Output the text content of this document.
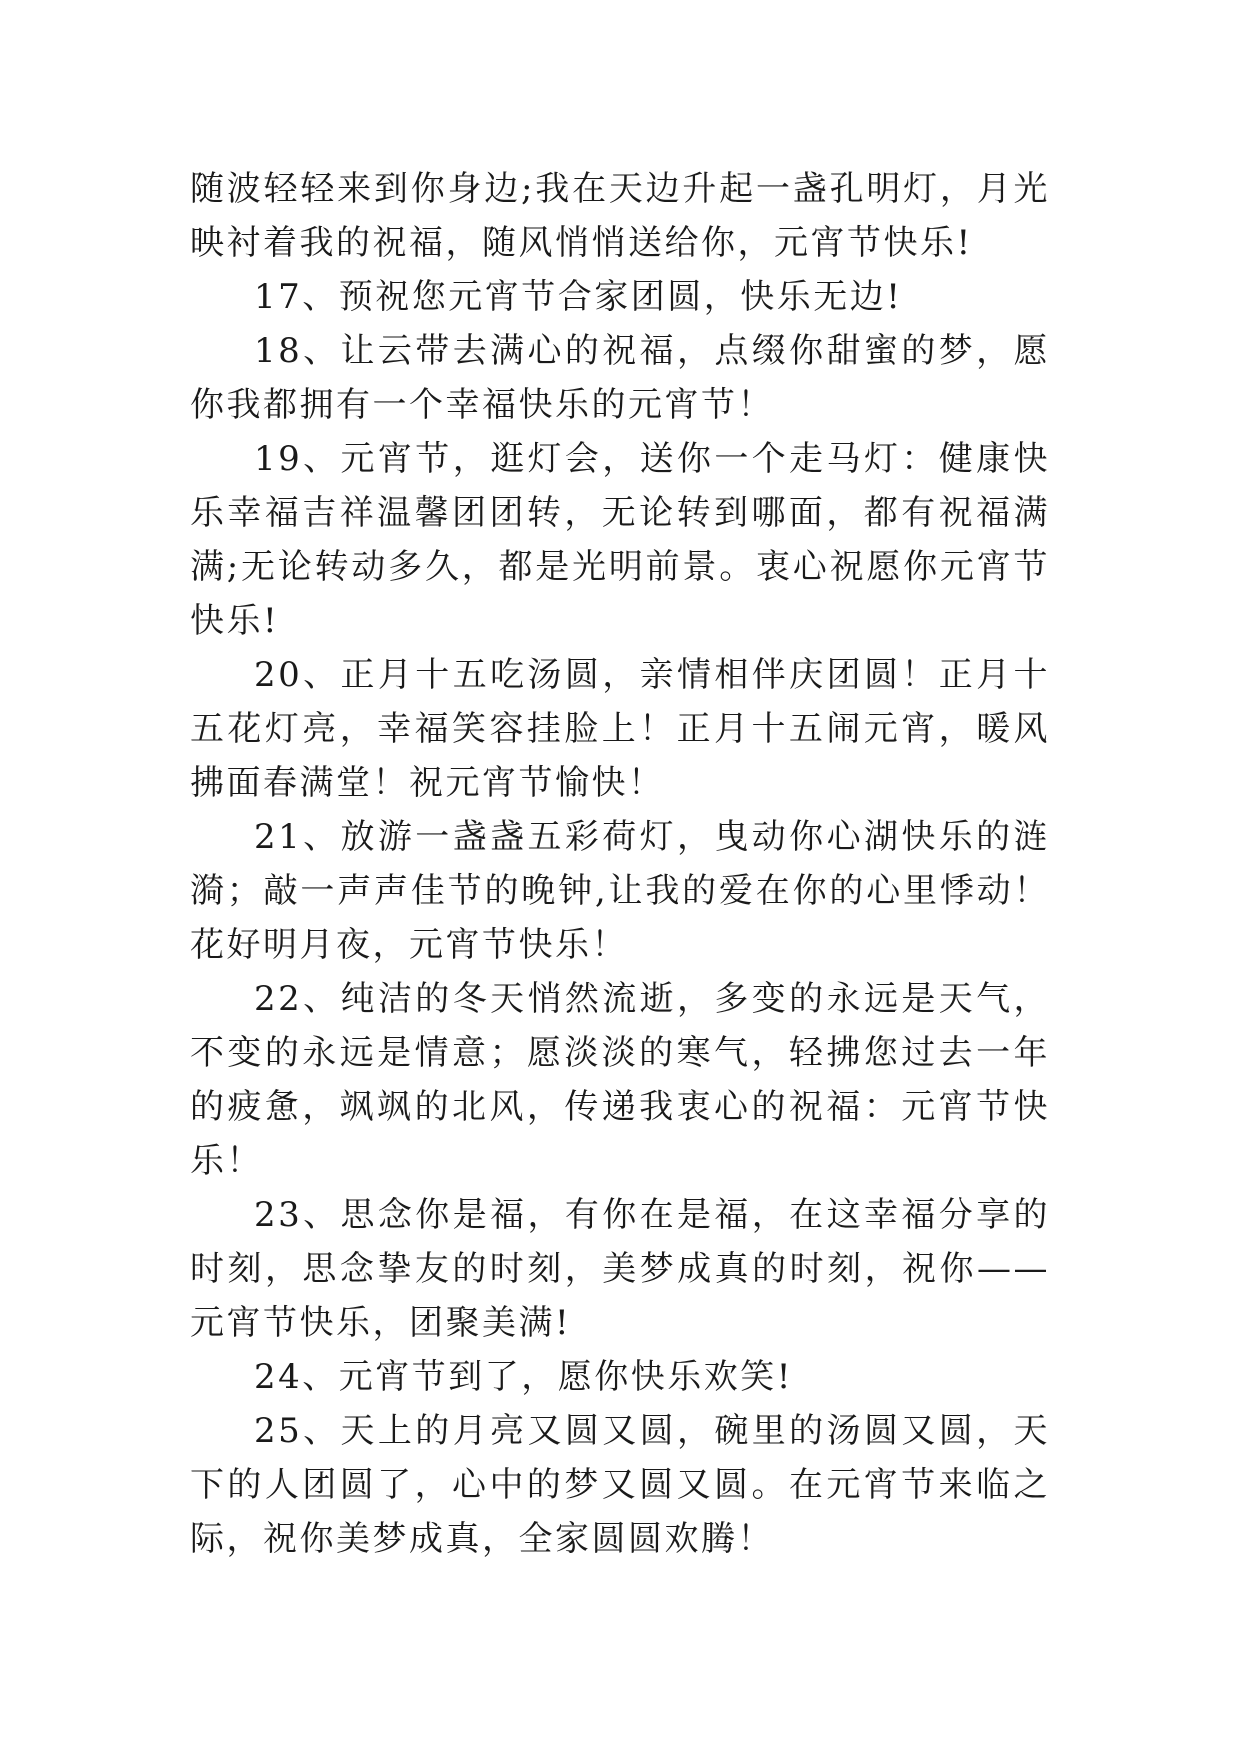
随波轻轻来到你身边;我在天边升起一盏孔明灯，月光映衬着我的祝福，随风悄悄送给你，元宵节快乐!

17、预祝您元宵节合家团圆，快乐无边!

18、让云带去满心的祝福，点缀你甜蜜的梦，愿你我都拥有一个幸福快乐的元宵节！

19、元宵节，逛灯会，送你一个走马灯：健康快乐幸福吉祥温馨团团转，无论转到哪面，都有祝福满满;无论转动多久，都是光明前景。衷心祝愿你元宵节快乐!

20、正月十五吃汤圆，亲情相伴庆团圆！正月十五花灯亮，幸福笑容挂脸上！正月十五闹元宵，暖风拂面春满堂！祝元宵节愉快！

21、放游一盏盏五彩荷灯，曳动你心湖快乐的涟漪；敲一声声佳节的晚钟,让我的爱在你的心里悸动！花好明月夜，元宵节快乐！

22、纯洁的冬天悄然流逝，多变的永远是天气，不变的永远是情意；愿淡淡的寒气，轻拂您过去一年的疲惫，飒飒的北风，传递我衷心的祝福：元宵节快乐！

23、思念你是福，有你在是福，在这幸福分享的时刻，思念挚友的时刻，美梦成真的时刻，祝你——元宵节快乐，团聚美满!

24、元宵节到了，愿你快乐欢笑!

25、天上的月亮又圆又圆，碗里的汤圆又圆，天下的人团圆了，心中的梦又圆又圆。在元宵节来临之际，祝你美梦成真，全家圆圆欢腾！
